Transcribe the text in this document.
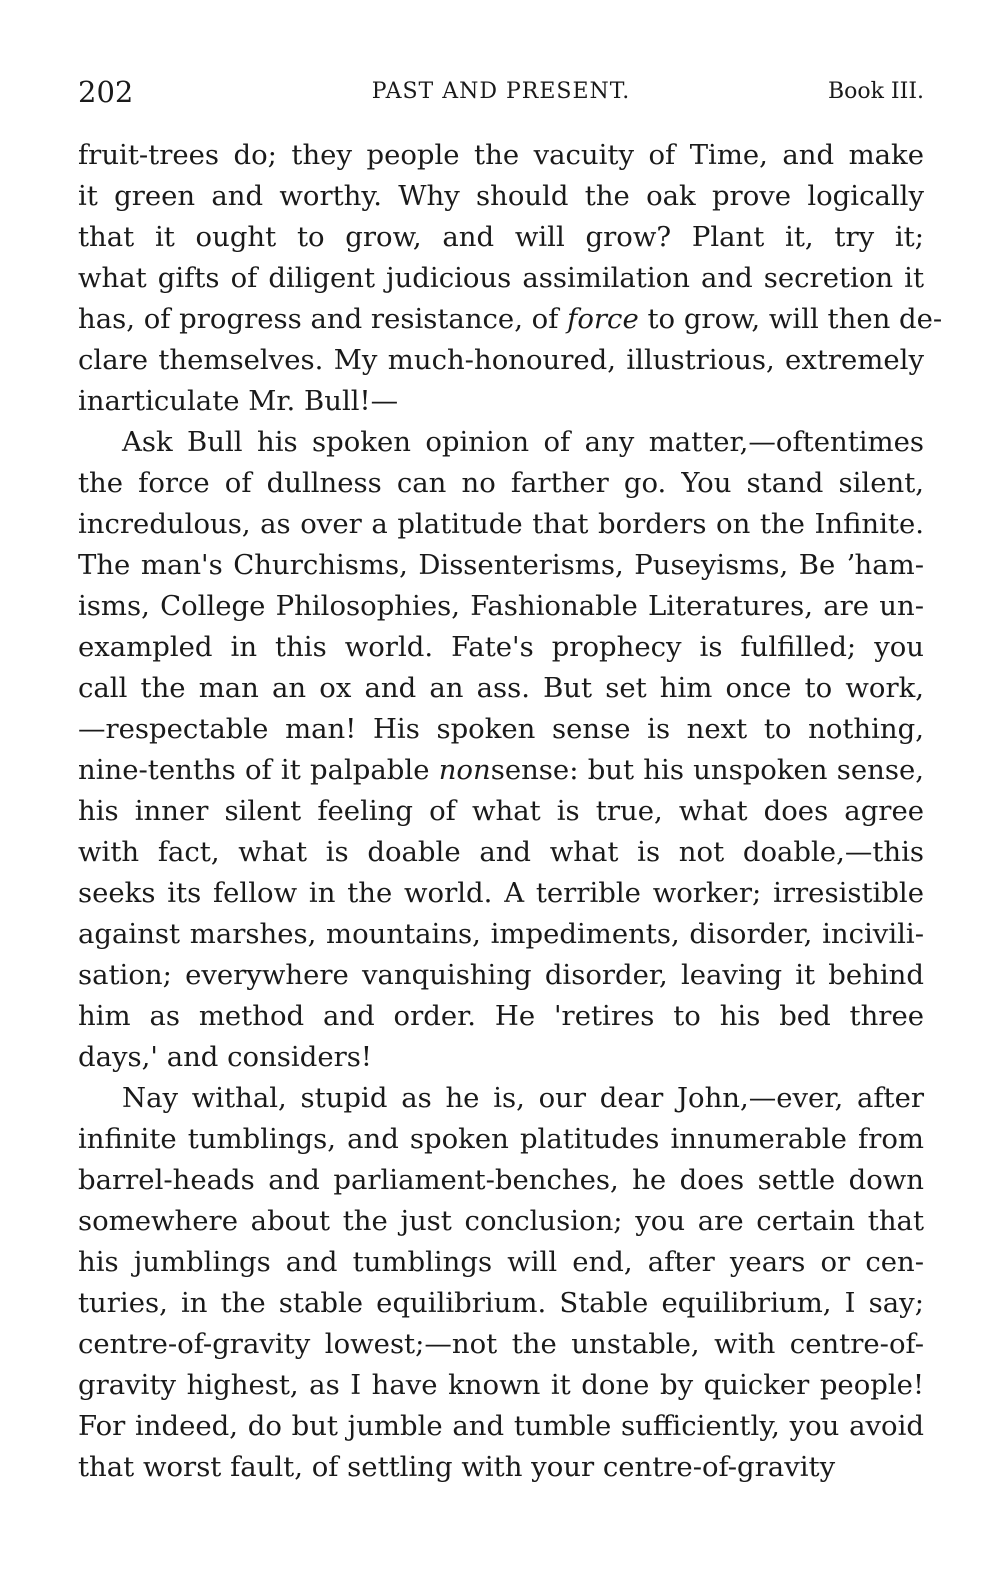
202	PAST AND PRESENT.	Book III.
fruit-trees do; they people the vacuity of Time, and make
it green and worthy. Why should the oak prove logically
that it ought to grow, and will grow? Plant it, try it;
what gifts of diligent judicious assimilation and secretion it
has, of progress and resistance, of force to grow, will then de-
clare themselves. My much-honoured, illustrious, extremely
inarticulate Mr. Bull!—
Ask Bull his spoken opinion of any matter,—oftentimes
the force of dullness can no farther go. You stand silent,
incredulous, as over a platitude that borders on the Infinite.
The man's Churchisms, Dissenterisms, Puseyisms, Be ʼham-
isms, College Philosophies, Fashionable Literatures, are un-
exampled in this world. Fate's prophecy is fulfilled; you
call the man an ox and an ass. But set him once to work,
—respectable man! His spoken sense is next to nothing,
nine-tenths of it palpable nonsense: but his unspoken sense,
his inner silent feeling of what is true, what does agree
with fact, what is doable and what is not doable,—this
seeks its fellow in the world. A terrible worker; irresistible
against marshes, mountains, impediments, disorder, incivili-
sation; everywhere vanquishing disorder, leaving it behind
him as method and order. He 'retires to his bed three
days,' and considers!
Nay withal, stupid as he is, our dear John,—ever, after
infinite tumblings, and spoken platitudes innumerable from
barrel-heads and parliament-benches, he does settle down
somewhere about the just conclusion; you are certain that
his jumblings and tumblings will end, after years or cen-
turies, in the stable equilibrium. Stable equilibrium, I say;
centre-of-gravity lowest;—not the unstable, with centre-of-
gravity highest, as I have known it done by quicker people!
For indeed, do but jumble and tumble sufficiently, you avoid
that worst fault, of settling with your centre-of-gravity
